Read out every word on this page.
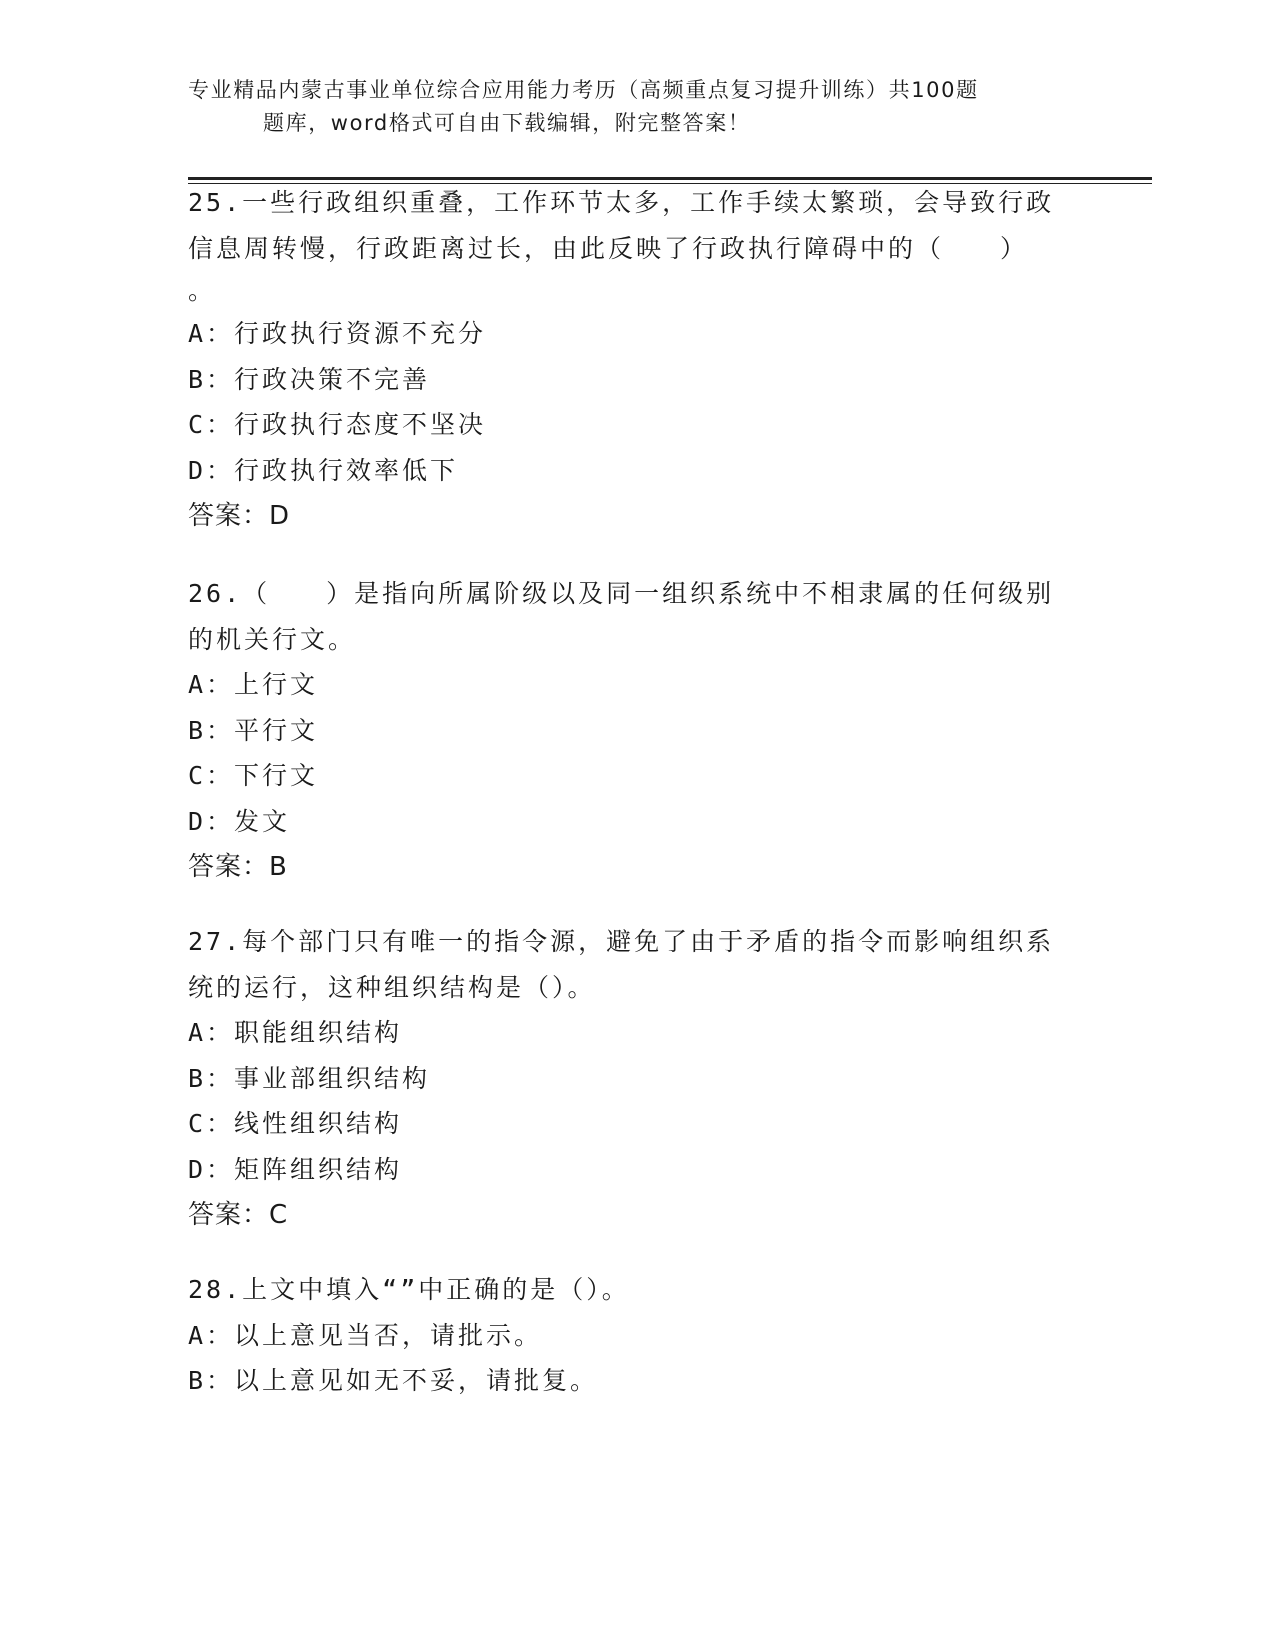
专业精品内蒙古事业单位综合应用能力考历（高频重点复习提升训练）共100题
题库，word格式可自由下载编辑，附完整答案！
25.一些行政组织重叠，工作环节太多，工作手续太繁琐，会导致行政
信息周转慢，行政距离过长，由此反映了行政执行障碍中的（　　）
。
A：行政执行资源不充分
B：行政决策不完善
C：行政执行态度不坚决
D：行政执行效率低下
答案：D
26.（　　）是指向所属阶级以及同一组织系统中不相隶属的任何级别
的机关行文。
A：上行文
B：平行文
C：下行文
D：发文
答案：B
27.每个部门只有唯一的指令源，避免了由于矛盾的指令而影响组织系
统的运行，这种组织结构是（）。
A：职能组织结构
B：事业部组织结构
C：线性组织结构
D：矩阵组织结构
答案：C
28.上文中填入“”中正确的是（）。
A：以上意见当否，请批示。
B：以上意见如无不妥，请批复。
